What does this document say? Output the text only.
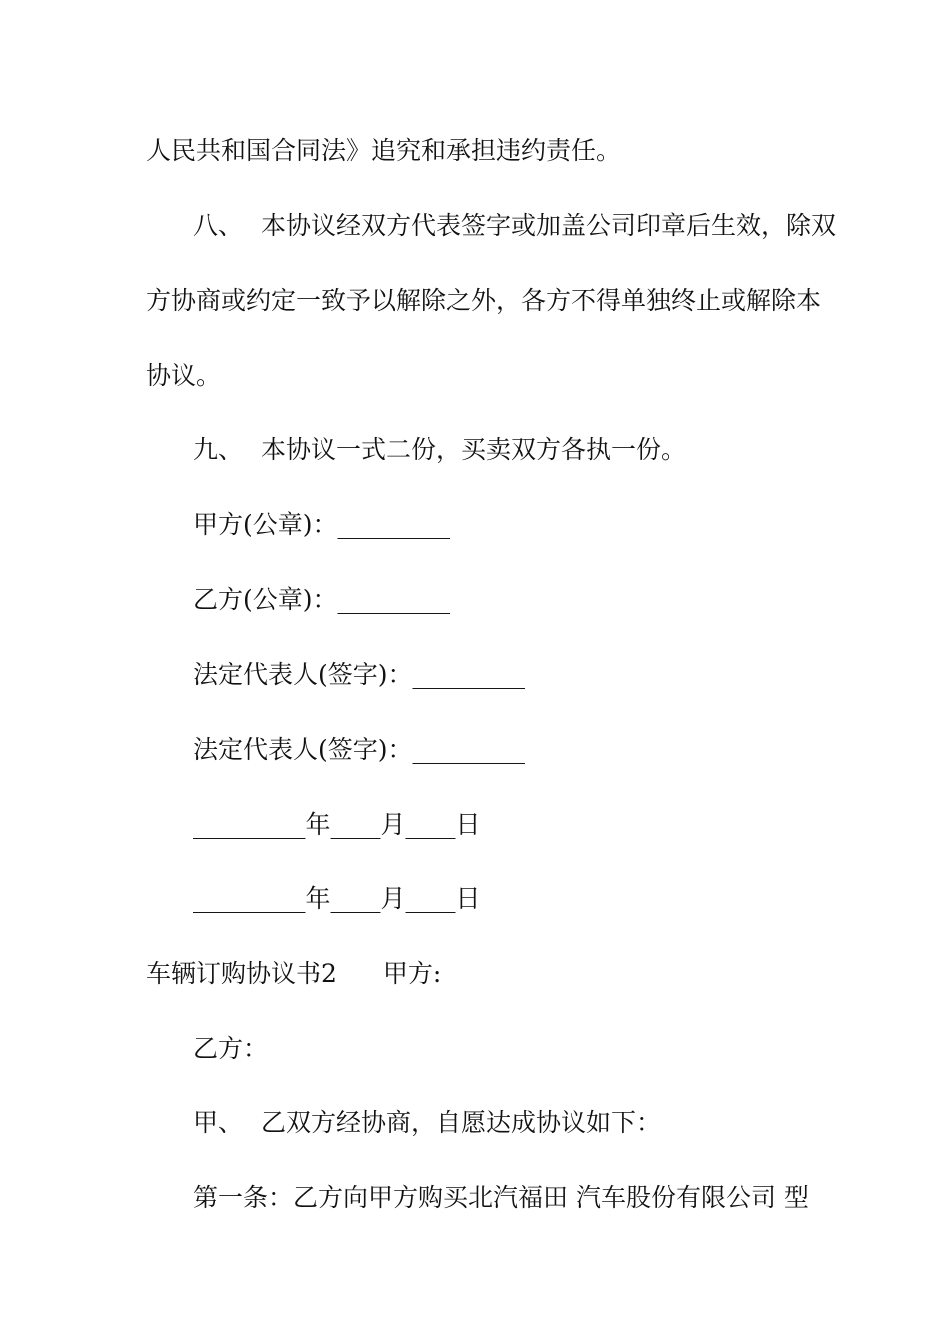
人民共和国合同法》追究和承担违约责任。
八、 本协议经双方代表签字或加盖公司印章后生效，除双
方协商或约定一致予以解除之外，各方不得单独终止或解除本
协议。
九、 本协议一式二份，买卖双方各执一份。
甲方(公章)：_________
乙方(公章)：_________
法定代表人(签字)：_________
法定代表人(签字)：_________
_________年____月____日
_________年____月____日
车辆订购协议书2 甲方:
乙方：
甲、 乙双方经协商，自愿达成协议如下：
第一条：乙方向甲方购买北汽福田 汽车股份有限公司 型
